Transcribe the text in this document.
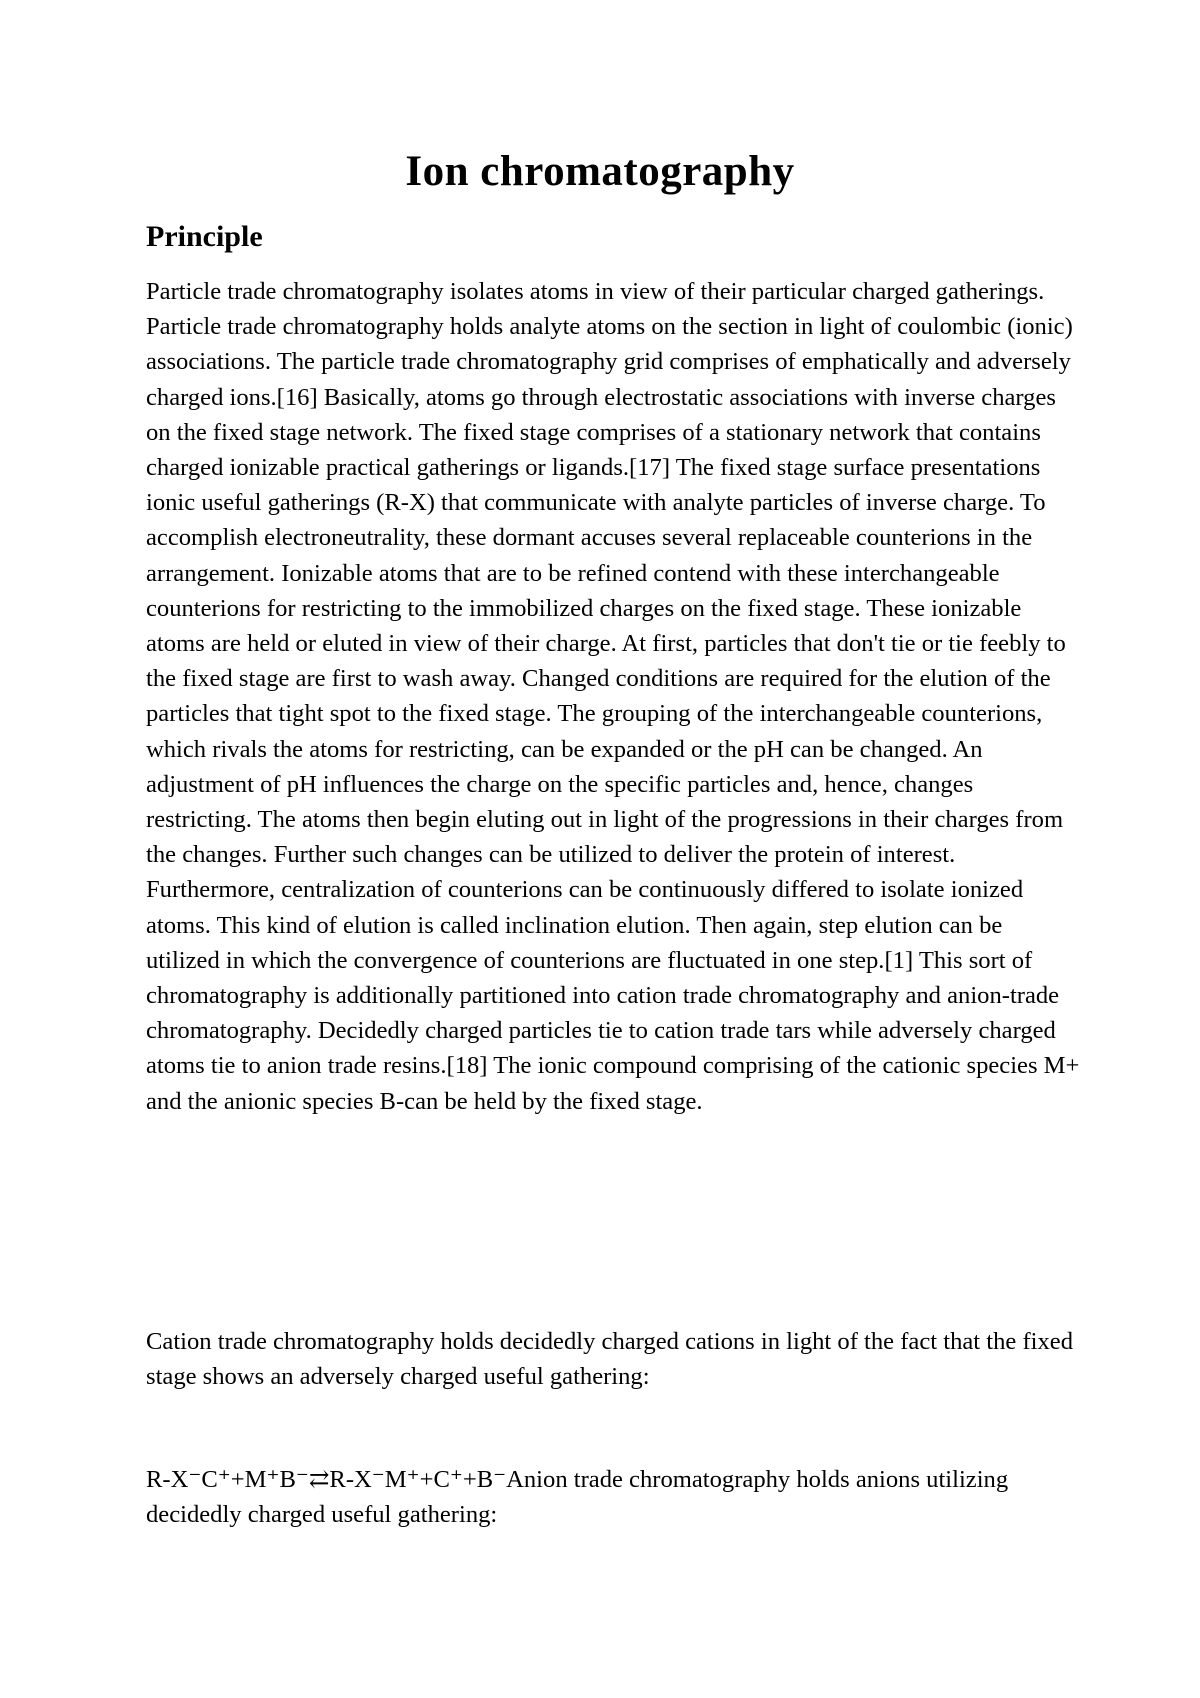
Ion chromatography
Principle

Particle trade chromatography isolates atoms in view of their particular charged gatherings. Particle trade chromatography holds analyte atoms on the section in light of coulombic (ionic) associations. The particle trade chromatography grid comprises of emphatically and adversely charged ions.[16] Basically, atoms go through electrostatic associations with inverse charges on the fixed stage network. The fixed stage comprises of a stationary network that contains charged ionizable practical gatherings or ligands.[17] The fixed stage surface presentations ionic useful gatherings (R-X) that communicate with analyte particles of inverse charge. To accomplish electroneutrality, these dormant accuses several replaceable counterions in the arrangement. Ionizable atoms that are to be refined contend with these interchangeable counterions for restricting to the immobilized charges on the fixed stage. These ionizable atoms are held or eluted in view of their charge. At first, particles that don't tie or tie feebly to the fixed stage are first to wash away. Changed conditions are required for the elution of the particles that tight spot to the fixed stage. The grouping of the interchangeable counterions, which rivals the atoms for restricting, can be expanded or the pH can be changed. An adjustment of pH influences the charge on the specific particles and, hence, changes restricting. The atoms then begin eluting out in light of the progressions in their charges from the changes. Further such changes can be utilized to deliver the protein of interest. Furthermore, centralization of counterions can be continuously differed to isolate ionized atoms. This kind of elution is called inclination elution. Then again, step elution can be utilized in which the convergence of counterions are fluctuated in one step.[1] This sort of chromatography is additionally partitioned into cation trade chromatography and anion-trade chromatography. Decidedly charged particles tie to cation trade tars while adversely charged atoms tie to anion trade resins.[18] The ionic compound comprising of the cationic species M+ and the anionic species B-can be held by the fixed stage.

Cation trade chromatography holds decidedly charged cations in light of the fact that the fixed stage shows an adversely charged useful gathering:

R-X⁻C⁺+M⁺B⁻⇄R-X⁻M⁺+C⁺+B⁻Anion trade chromatography holds anions utilizing decidedly charged useful gathering:
